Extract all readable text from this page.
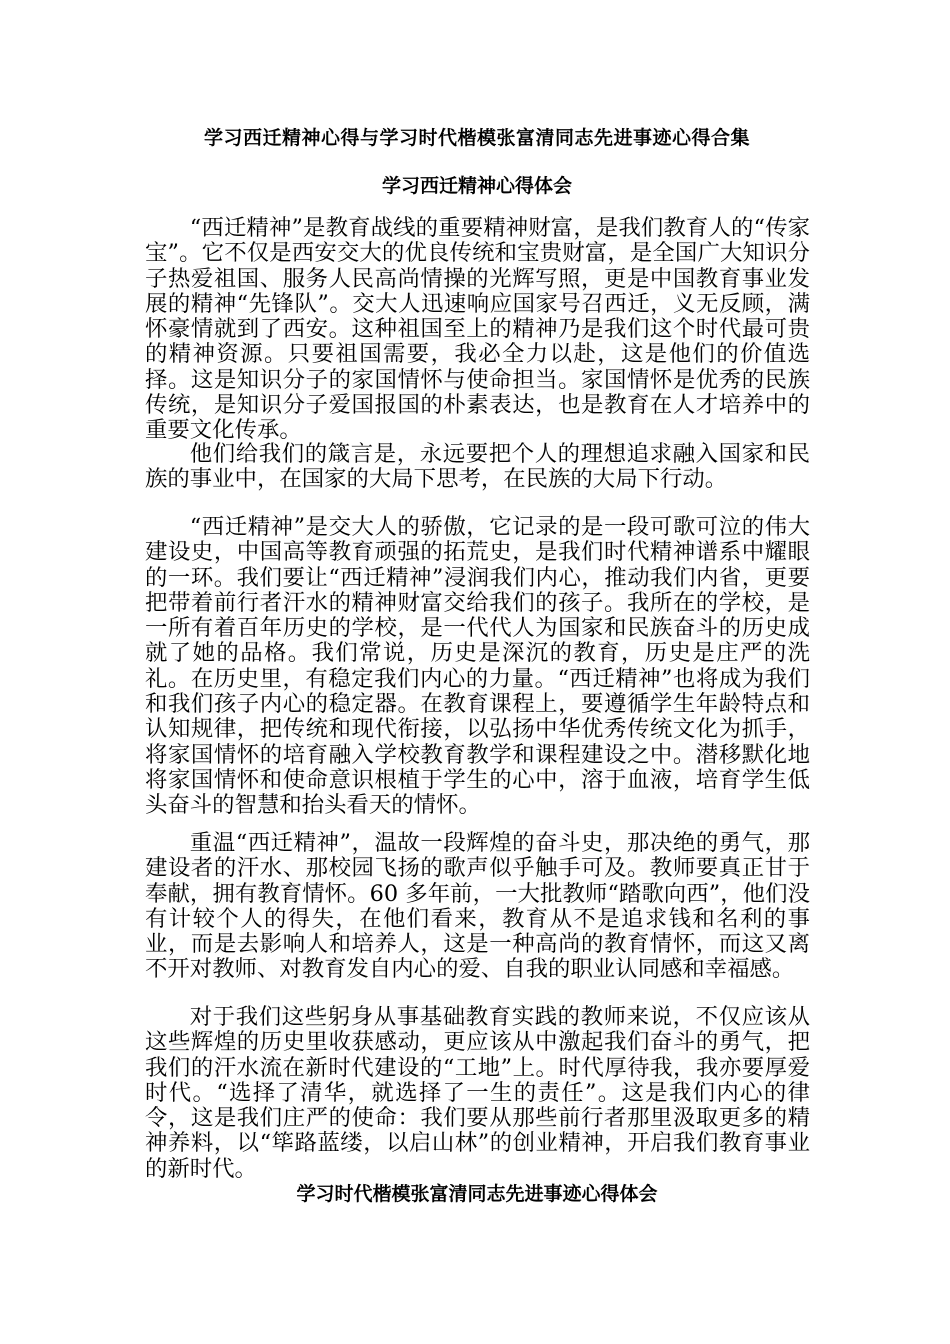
学习西迁精神心得与学习时代楷模张富清同志先进事迹心得合集
学习西迁精神心得体会

“西迁精神”是教育战线的重要精神财富，是我们教育人的“传家宝”。它不仅是西安交大的优良传统和宝贵财富，是全国广大知识分子热爱祖国、服务人民高尚情操的光辉写照，更是中国教育事业发展的精神“先锋队”。交大人迅速响应国家号召西迁，义无反顾，满怀豪情就到了西安。这种祖国至上的精神乃是我们这个时代最可贵的精神资源。只要祖国需要，我必全力以赴，这是他们的价值选择。这是知识分子的家国情怀与使命担当。家国情怀是优秀的民族传统，是知识分子爱国报国的朴素表达，也是教育在人才培养中的重要文化传承。

他们给我们的箴言是，永远要把个人的理想追求融入国家和民族的事业中，在国家的大局下思考，在民族的大局下行动。

“西迁精神”是交大人的骄傲，它记录的是一段可歌可泣的伟大建设史，中国高等教育顽强的拓荒史，是我们时代精神谱系中耀眼的一环。我们要让“西迁精神”浸润我们内心，推动我们内省，更要把带着前行者汗水的精神财富交给我们的孩子。我所在的学校，是一所有着百年历史的学校，是一代代人为国家和民族奋斗的历史成就了她的品格。我们常说，历史是深沉的教育，历史是庄严的洗礼。在历史里，有稳定我们内心的力量。“西迁精神”也将成为我们和我们孩子内心的稳定器。在教育课程上，要遵循学生年龄特点和认知规律，把传统和现代衔接，以弘扬中华优秀传统文化为抓手，将家国情怀的培育融入学校教育教学和课程建设之中。潜移默化地将家国情怀和使命意识根植于学生的心中，溶于血液，培育学生低头奋斗的智慧和抬头看天的情怀。

重温“西迁精神”，温故一段辉煌的奋斗史，那决绝的勇气，那建设者的汗水、那校园飞扬的歌声似乎触手可及。教师要真正甘于奉献，拥有教育情怀。60 多年前，一大批教师“踏歌向西”，他们没有计较个人的得失，在他们看来，教育从不是追求钱和名利的事业，而是去影响人和培养人，这是一种高尚的教育情怀，而这又离不开对教师、对教育发自内心的爱、自我的职业认同感和幸福感。

对于我们这些躬身从事基础教育实践的教师来说，不仅应该从这些辉煌的历史里收获感动，更应该从中激起我们奋斗的勇气，把我们的汗水流在新时代建设的“工地”上。时代厚待我，我亦要厚爱时代。“选择了清华，就选择了一生的责任”。这是我们内心的律令，这是我们庄严的使命：我们要从那些前行者那里汲取更多的精神养料，以“筚路蓝缕，以启山林”的创业精神，开启我们教育事业的新时代。

学习时代楷模张富清同志先进事迹心得体会
